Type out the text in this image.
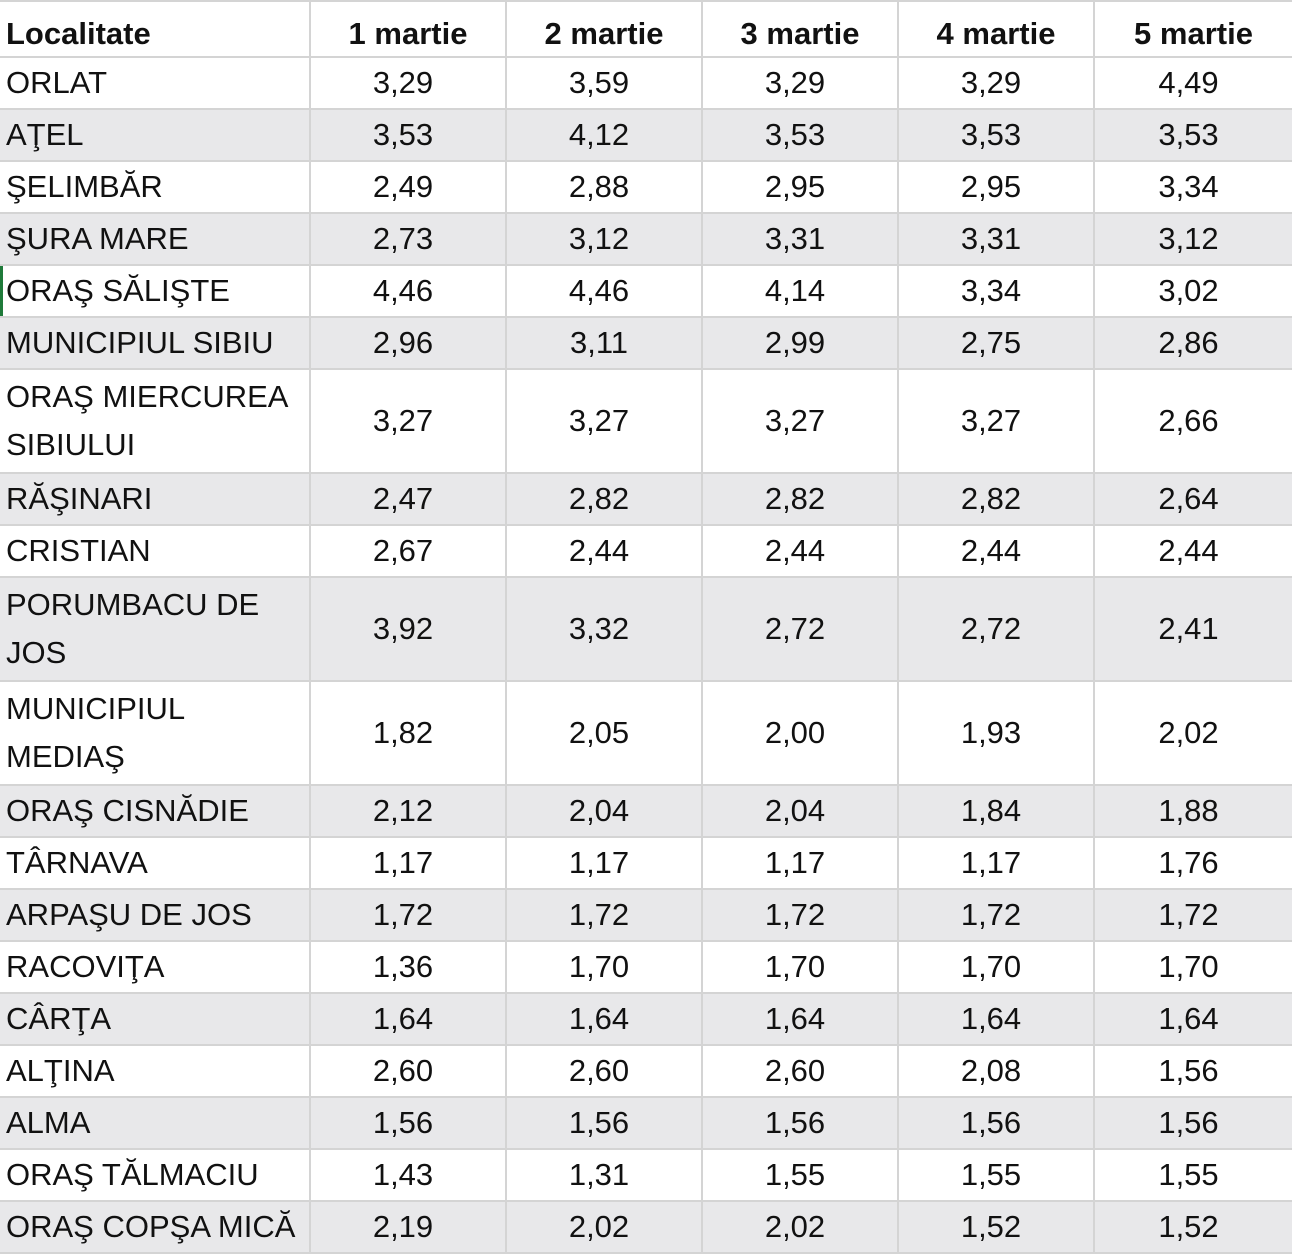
Localitate	1 martie	2 martie	3 martie	4 martie	5 martie
ORLAT	3,29	3,59	3,29	3,29	4,49
AŢEL	3,53	4,12	3,53	3,53	3,53
ŞELIMBĂR	2,49	2,88	2,95	2,95	3,34
ŞURA MARE	2,73	3,12	3,31	3,31	3,12
ORAŞ SĂLIŞTE	4,46	4,46	4,14	3,34	3,02
MUNICIPIUL SIBIU	2,96	3,11	2,99	2,75	2,86
ORAŞ MIERCUREA SIBIULUI	3,27	3,27	3,27	3,27	2,66
RĂŞINARI	2,47	2,82	2,82	2,82	2,64
CRISTIAN	2,67	2,44	2,44	2,44	2,44
PORUMBACU DE JOS	3,92	3,32	2,72	2,72	2,41
MUNICIPIUL MEDIAŞ	1,82	2,05	2,00	1,93	2,02
ORAŞ CISNĂDIE	2,12	2,04	2,04	1,84	1,88
TÂRNAVA	1,17	1,17	1,17	1,17	1,76
ARPAŞU DE JOS	1,72	1,72	1,72	1,72	1,72
RACOVIŢA	1,36	1,70	1,70	1,70	1,70
CÂRŢA	1,64	1,64	1,64	1,64	1,64
ALŢINA	2,60	2,60	2,60	2,08	1,56
ALMA	1,56	1,56	1,56	1,56	1,56
ORAŞ TĂLMACIU	1,43	1,31	1,55	1,55	1,55
ORAŞ COPŞA MICĂ	2,19	2,02	2,02	1,52	1,52
